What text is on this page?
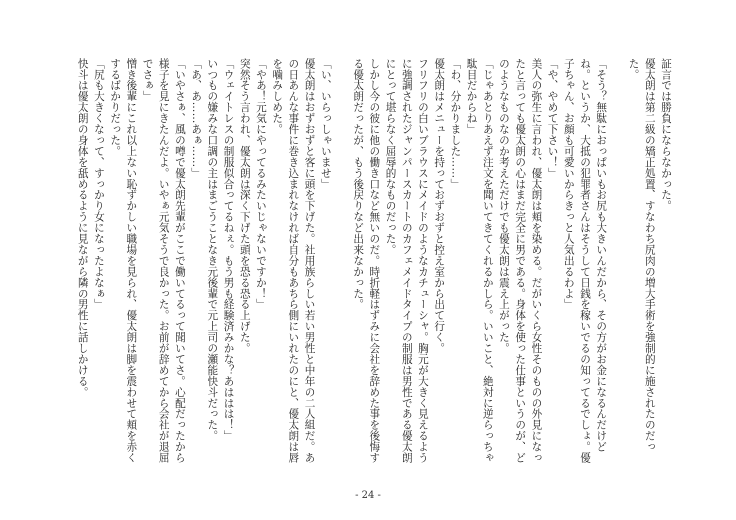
証言では勝負にならなかった。

優太朗は第二級の矯正処置、すなわち尻肉の増大手術を強制的に施されたのだった。

「そう？無駄におっぱいもお尻も大きいんだから、その方がお金になるんだけどね。というか、大抵の犯罪者さんはそうして日銭を稼いでるの知ってるでしょ。優子ちゃん、お顔も可愛いからきっと人気出るわよ」

「や、やめて下さい！」

美人の弥生に言われ、優太朗は頬を染める。だがいくら女性そのものの外見になったと言っても優太朗の心はまだ完全に男である。身体を使った仕事というのが、どのようなものなのか考えただけでも優太朗は震え上がった。

「じゃあとりあえず注文を聞いてきてくれるかしら。いいこと、絶対に逆らっちゃ駄目だからね」

「わ、分かりました……」

優太朗はメニューを持っておずおずと控え室から出て行く。

フリフリの白いブラウスにメイドのようなカチューシャ。胸元が大きく見えるように強調されたジャンパースカートのカフェメイドタイプの制服は男性である優太朗にとって堪らなく屈辱的なものだった。

しかし今の彼に他の働き口など無いのだ。時折軽はずみに会社を辞めた事を後悔する優太朗だったが、もう後戻りなど出来なかった。

「い、いらっしゃいませ」

優太朗はおずおずと客に頭を下げた。社用族らしい若い男性と中年の二人組だ。あの日あんな事件に巻き込まれなければ自分もあちら側にいれたのにと、優太朗は唇を噛みしめた。

「やあ！元気にやってるみたいじゃないですか！」

突然そう言われ、優太朗は深く下げた頭を恐る恐る上げた。

「ウェイトレスの制服似合ってるねぇ。もう男も経験済みかな？あははは！」

いつもの嫌みな口調の主はまごうことなき元後輩で元上司の瀬能快斗だった。

「あ、あ……あぁ……」

「いやさぁ、風の噂で優太朗先輩がここで働いてるって聞いてさ。心配だったから様子を見にきたんだよ。いやぁ元気そうで良かった。お前が辞めてから会社が退屈でさぁ」

憎き後輩にこれ以上ない恥ずかしい職場を見られ、優太朗は脚を震わせて頬を赤くするばかりだった。

「尻も大きくなって、すっかり女になったよなぁ」

快斗は優太朗の身体を舐めるように見ながら隣の男性に話しかける。

- 24 -
